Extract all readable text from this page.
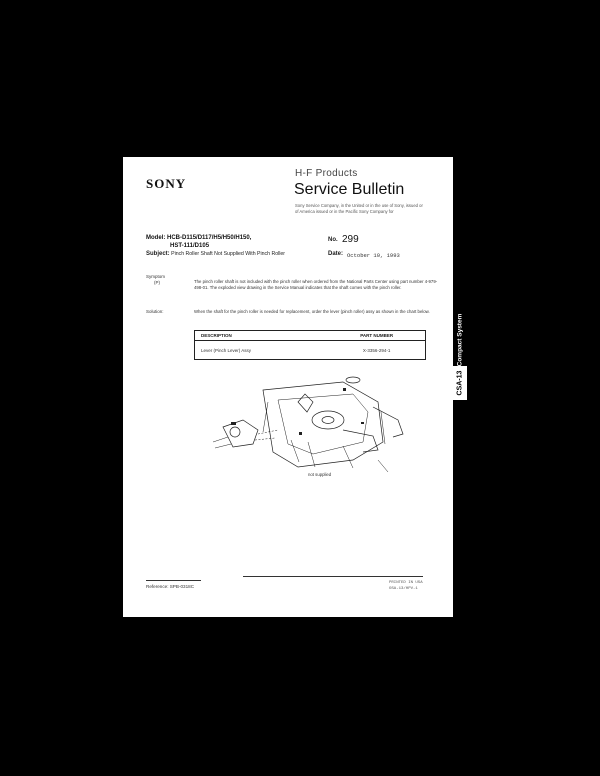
SONY
H-F Products
Service Bulletin
Sony Service Company, in the United or in the use of Sony, issued or of America issued or in the Pacific Sony Company for
Model: HCB-D115/D117/H5/H50/H150,
HST-111/D105
No. 299
Subject: Pinch Roller Shaft Not Supplied With Pinch Roller	Date: October 10, 1993
Symptom
(P)	The pinch roller shaft is not included with the pinch roller when ordered from the National Parts Center using part number 4-979-498-01. The exploded view drawing in the Service Manual indicates that the shaft comes with the pinch roller.
Solution:	When the shaft for the pinch roller is needed for replacement, order the lever (pinch roller) assy as shown in the chart below.
DESCRIPTION	PART NUMBER
Lever (Pinch Lever) Assy	X-3356-294-1
not supplied
Reference: SPB-0318C
PRINTED IN USA
OSA-13/HPV-1
CSA-13
Compact System
